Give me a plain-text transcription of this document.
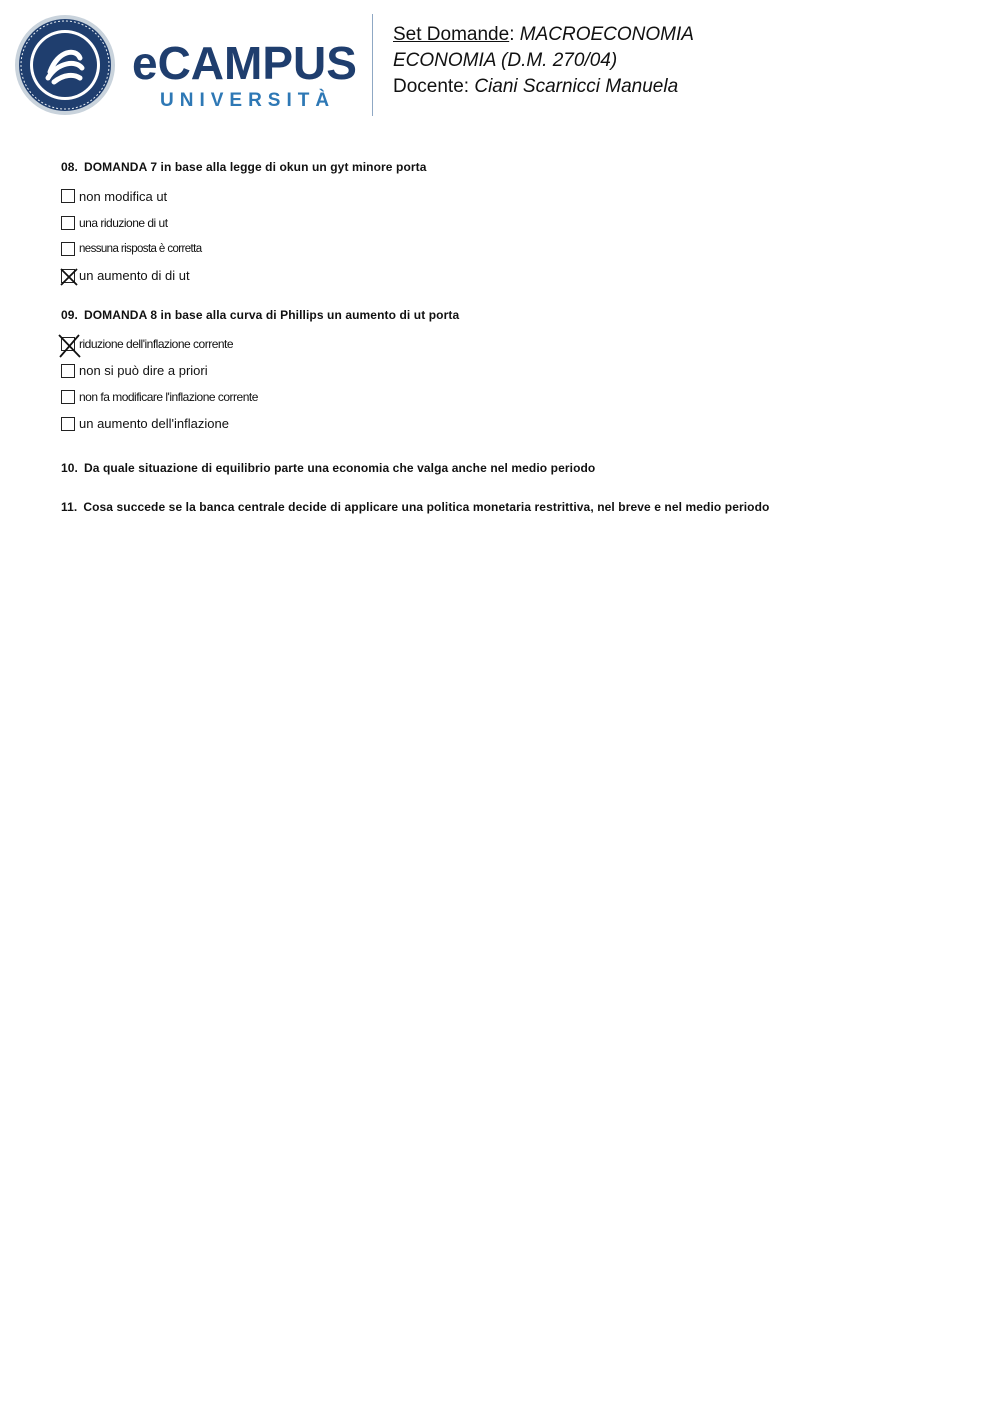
eCAMPUS
UNIVERSITÀ
Set Domande: MACROECONOMIA
ECONOMIA (D.M. 270/04)
Docente: Ciani Scarnicci Manuela
08. DOMANDA 7 in base alla legge di okun un gyt minore porta
non modifica ut
una riduzione di ut
nessuna risposta è corretta
un aumento di di ut
09. DOMANDA 8 in base alla curva di Phillips un aumento di ut porta
riduzione dell'inflazione corrente
non si può dire a priori
non fa modificare l'inflazione corrente
un aumento dell'inflazione
10. Da quale situazione di equilibrio parte una economia che valga anche nel medio periodo
11. Cosa succede se la banca centrale decide di applicare una politica monetaria restrittiva, nel breve e nel medio periodo
